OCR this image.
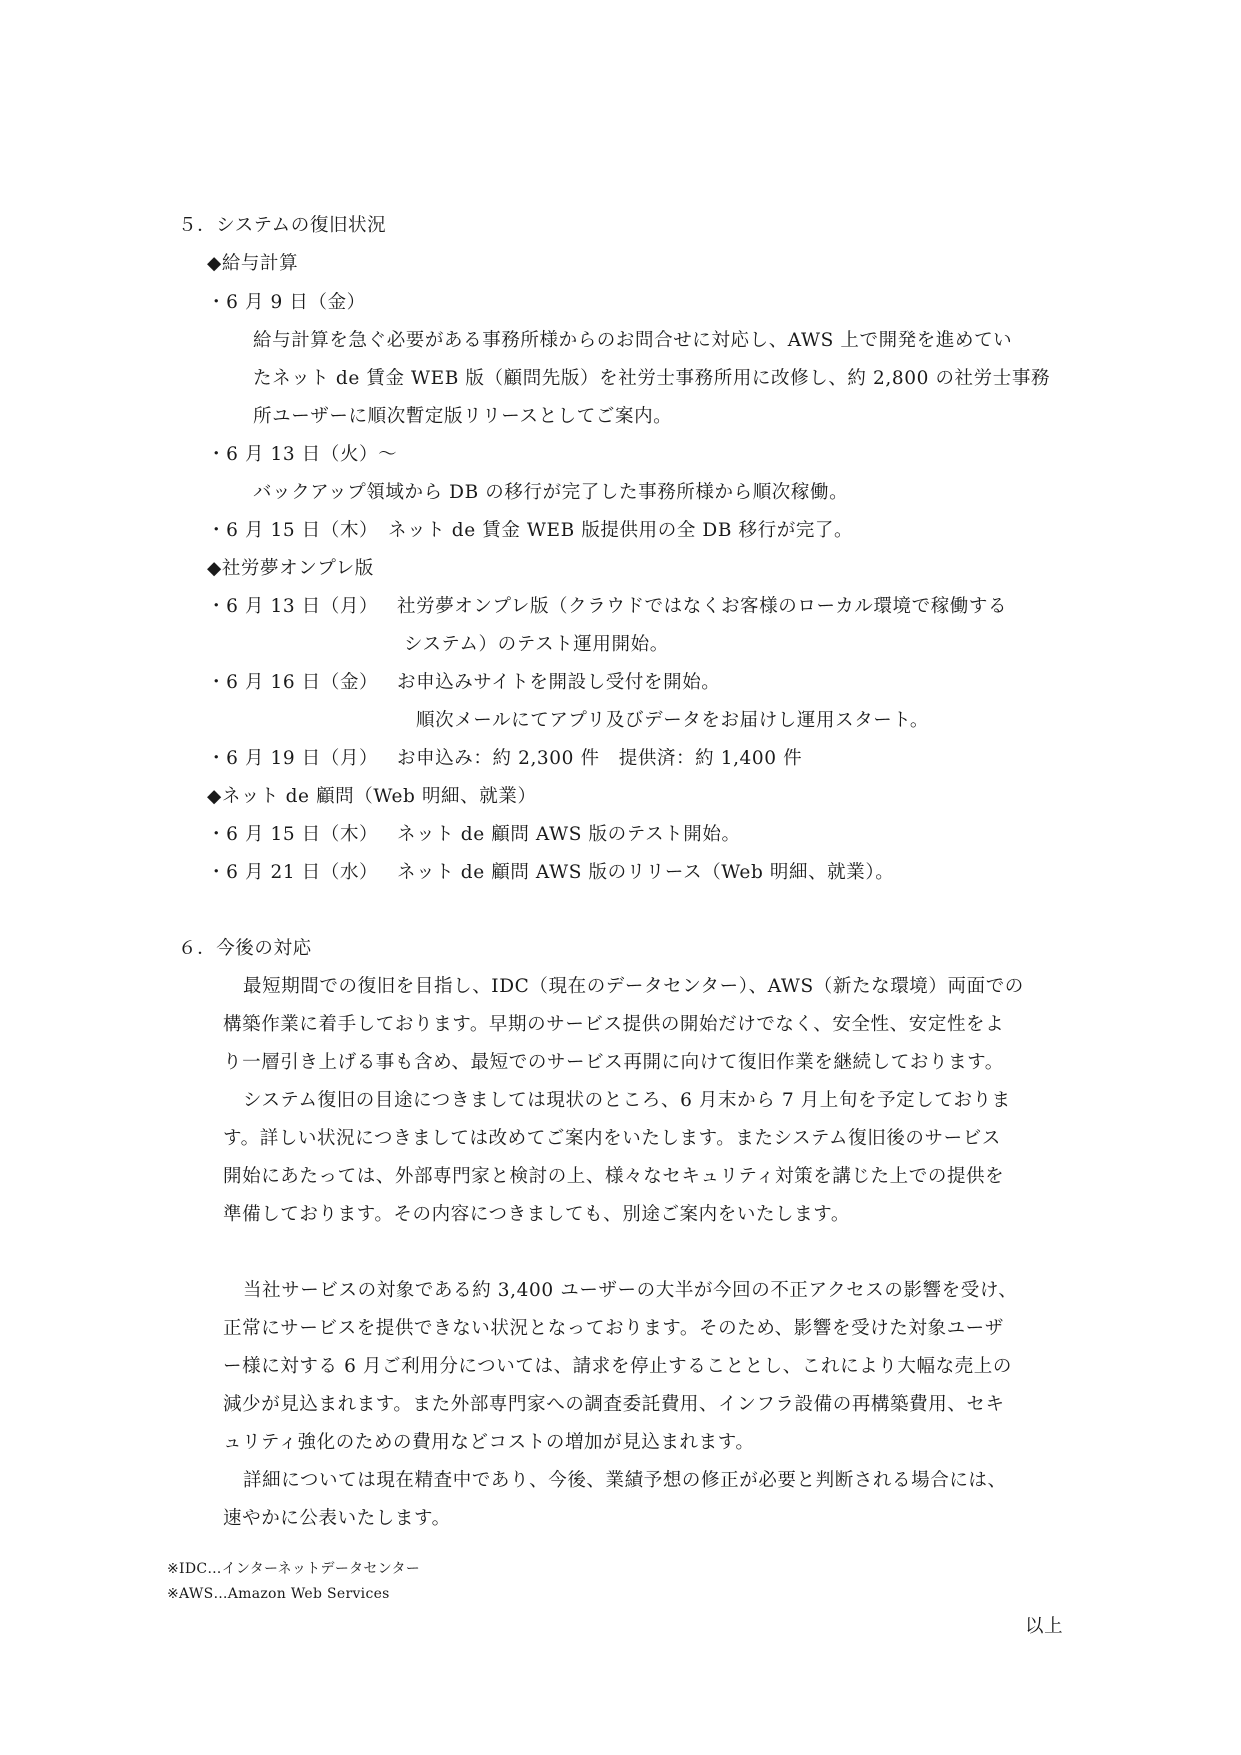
５．システムの復旧状況
◆給与計算
・6 月 9 日（金）
給与計算を急ぐ必要がある事務所様からのお問合せに対応し、AWS 上で開発を進めてい
たネット de 賃金 WEB 版（顧問先版）を社労士事務所用に改修し、約 2,800 の社労士事務
所ユーザーに順次暫定版リリースとしてご案内。
・6 月 13 日（火）～
バックアップ領域から DB の移行が完了した事務所様から順次稼働。
・6 月 15 日（木）　ネット de 賃金 WEB 版提供用の全 DB 移行が完了。
◆社労夢オンプレ版
・6 月 13 日（月） 社労夢オンプレ版（クラウドではなくお客様のローカル環境で稼働する
システム）のテスト運用開始。
・6 月 16 日（金） お申込みサイトを開設し受付を開始。
順次メールにてアプリ及びデータをお届けし運用スタート。
・6 月 19 日（月） お申込み：約 2,300 件　提供済：約 1,400 件
◆ネット de 顧問（Web 明細、就業）
・6 月 15 日（木） ネット de 顧問 AWS 版のテスト開始。
・6 月 21 日（水） ネット de 顧問 AWS 版のリリース（Web 明細、就業）。
６．今後の対応
最短期間での復旧を目指し、IDC（現在のデータセンター）、AWS（新たな環境）両面での
構築作業に着手しております。早期のサービス提供の開始だけでなく、安全性、安定性をよ
り一層引き上げる事も含め、最短でのサービス再開に向けて復旧作業を継続しております。
システム復旧の目途につきましては現状のところ、6 月末から 7 月上旬を予定しておりま
す。詳しい状況につきましては改めてご案内をいたします。またシステム復旧後のサービス
開始にあたっては、外部専門家と検討の上、様々なセキュリティ対策を講じた上での提供を
準備しております。その内容につきましても、別途ご案内をいたします。
当社サービスの対象である約 3,400 ユーザーの大半が今回の不正アクセスの影響を受け、
正常にサービスを提供できない状況となっております。そのため、影響を受けた対象ユーザ
ー様に対する 6 月ご利用分については、請求を停止することとし、これにより大幅な売上の
減少が見込まれます。また外部専門家への調査委託費用、インフラ設備の再構築費用、セキ
ュリティ強化のための費用などコストの増加が見込まれます。
詳細については現在精査中であり、今後、業績予想の修正が必要と判断される場合には、
速やかに公表いたします。
※IDC…インターネットデータセンター
※AWS…Amazon Web Services
以上
